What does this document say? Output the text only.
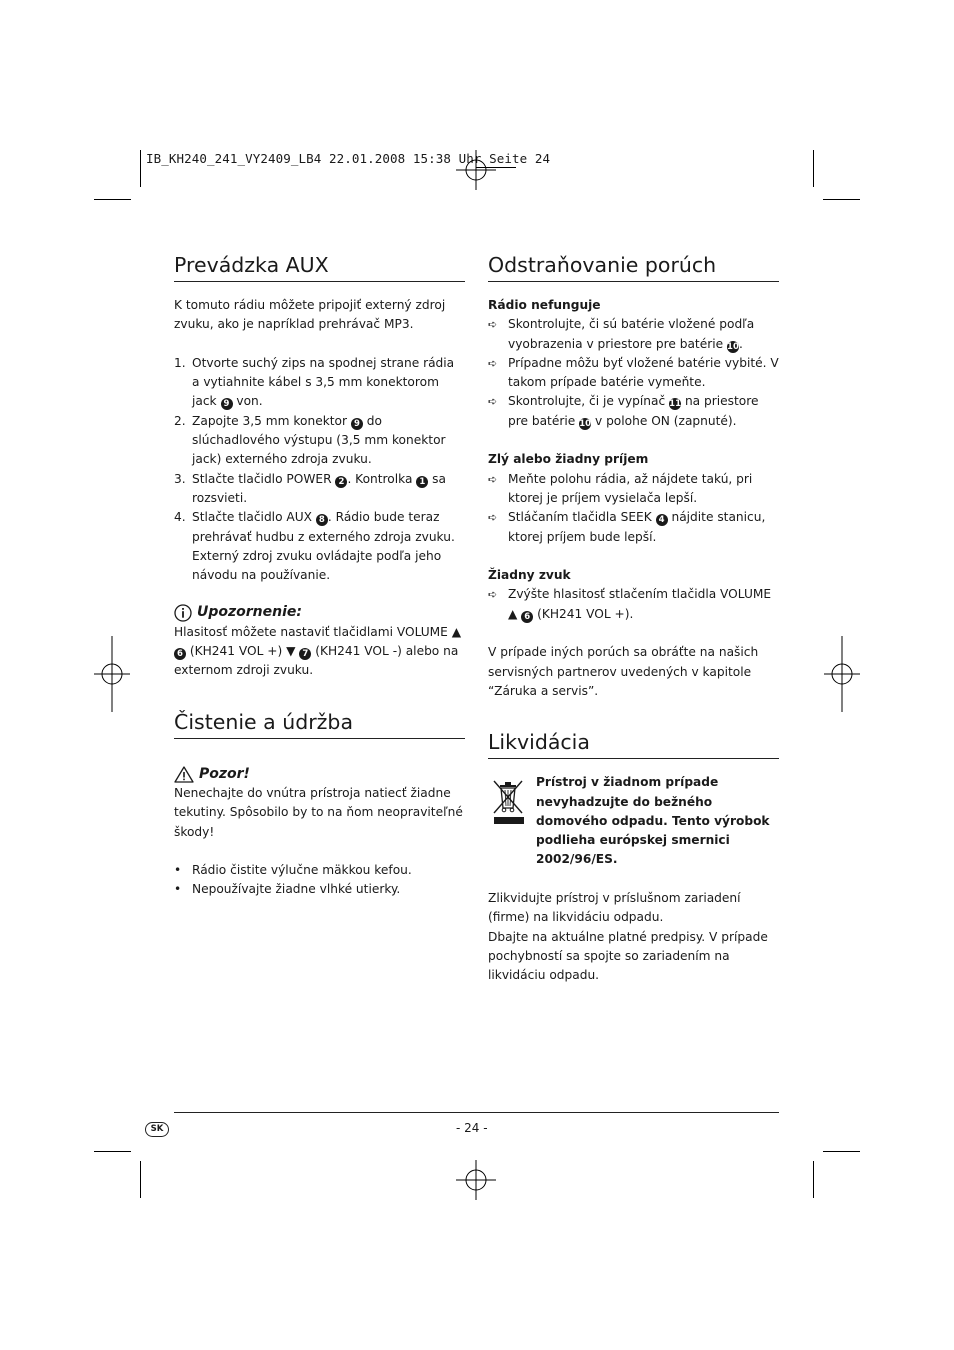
IB_KH240_241_VY2409_LB4 22.01.2008 15:38 Uhr Seite 24
Prevádzka AUX

K tomuto rádiu môžete pripojiť externý zdroj zvuku, ako je napríklad prehrávač MP3.

1. Otvorte suchý zips na spodnej strane rádia a vytiahnite kábel s 3,5 mm konektorom jack 9 von.
2. Zapojte 3,5 mm konektor 9 do slúchadlového výstupu (3,5 mm konektor jack) externého zdroja zvuku.
3. Stlačte tlačidlo POWER 2 . Kontrolka 1 sa rozsvieti.
4. Stlačte tlačidlo AUX 8 . Rádio bude teraz prehrávať hudbu z externého zdroja zvuku. Externý zdroj zvuku ovládajte podľa jeho návodu na používanie.
Upozornenie:

Hlasitosť môžete nastaviť tlačidlami VOLUME ▲ 6 (KH241 VOL +) ▼ 7 (KH241 VOL -) alebo na externom zdroji zvuku.

Čistenie a údržba
Pozor!

Nenechajte do vnútra prístroja natiecť žiadne tekutiny. Spôsobilo by to na ňom neopraviteľné škody!

• Rádio čistite výlučne mäkkou kefou.
• Nepoužívajte žiadne vlhké utierky.
Odstraňovanie porúch
Rádio nefunguje
➪ Skontrolujte, či sú batérie vložené podľa vyobrazenia v priestore pre batérie 10.
➪ Prípadne môžu byť vložené batérie vybité. V takom prípade batérie vymeňte.
➪ Skontrolujte, či je vypínač 11 na priestore pre batérie 10 v polohe ON (zapnuté).
Zlý alebo žiadny príjem
➪ Meňte polohu rádia, až nájdete takú, pri ktorej je príjem vysielača lepší.
➪ Stláčaním tlačidla SEEK 4 nájdite stanicu, ktorej príjem bude lepší.
Žiadny zvuk
➪ Zvýšte hlasitosť stlačením tlačidla VOLUME ▲ 6 (KH241 VOL +).

V prípade iných porúch sa obráťte na našich servisných partnerov uvedených v kapitole “Záruka a servis”.

Likvidácia

Prístroj v žiadnom prípade nevyhadzujte do bežného domového odpadu. Tento výrobok podlieha európskej smernici 2002/96/ES.

Zlikvidujte prístroj v príslušnom zariadení (firme) na likvidáciu odpadu.

Dbajte na aktuálne platné predpisy. V prípade pochybností sa spojte so zariadením na likvidáciu odpadu.

SK	- 24 -
